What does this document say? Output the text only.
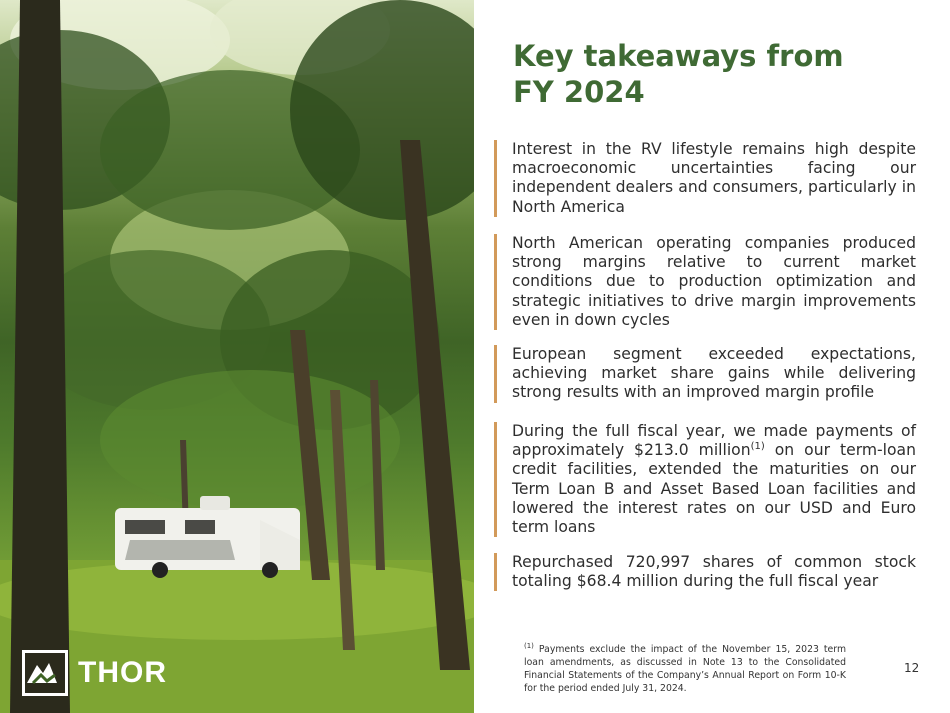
THOR
Key takeaways from
FY 2024
Interest in the RV lifestyle remains high despite macroeconomic uncertainties facing our independent dealers and consumers, particularly in North America
North American operating companies produced strong margins relative to current market conditions due to production optimization and strategic initiatives to drive margin improvements even in down cycles
European segment exceeded expectations, achieving market share gains while delivering strong results with an improved margin profile
During the full fiscal year, we made payments of approximately $213.0 million$^{(1)}$ on our term-loan credit facilities, extended the maturities on our Term Loan B and Asset Based Loan facilities and lowered the interest rates on our USD and Euro term loans
Repurchased 720,997 shares of common stock totaling $68.4 million during the full fiscal year
$^{(1)}$ Payments exclude the impact of the November 15, 2023 term loan amendments, as discussed in Note 13 to the Consolidated Financial Statements of the Company’s Annual Report on Form 10-K for the period ended July 31, 2024.
12
